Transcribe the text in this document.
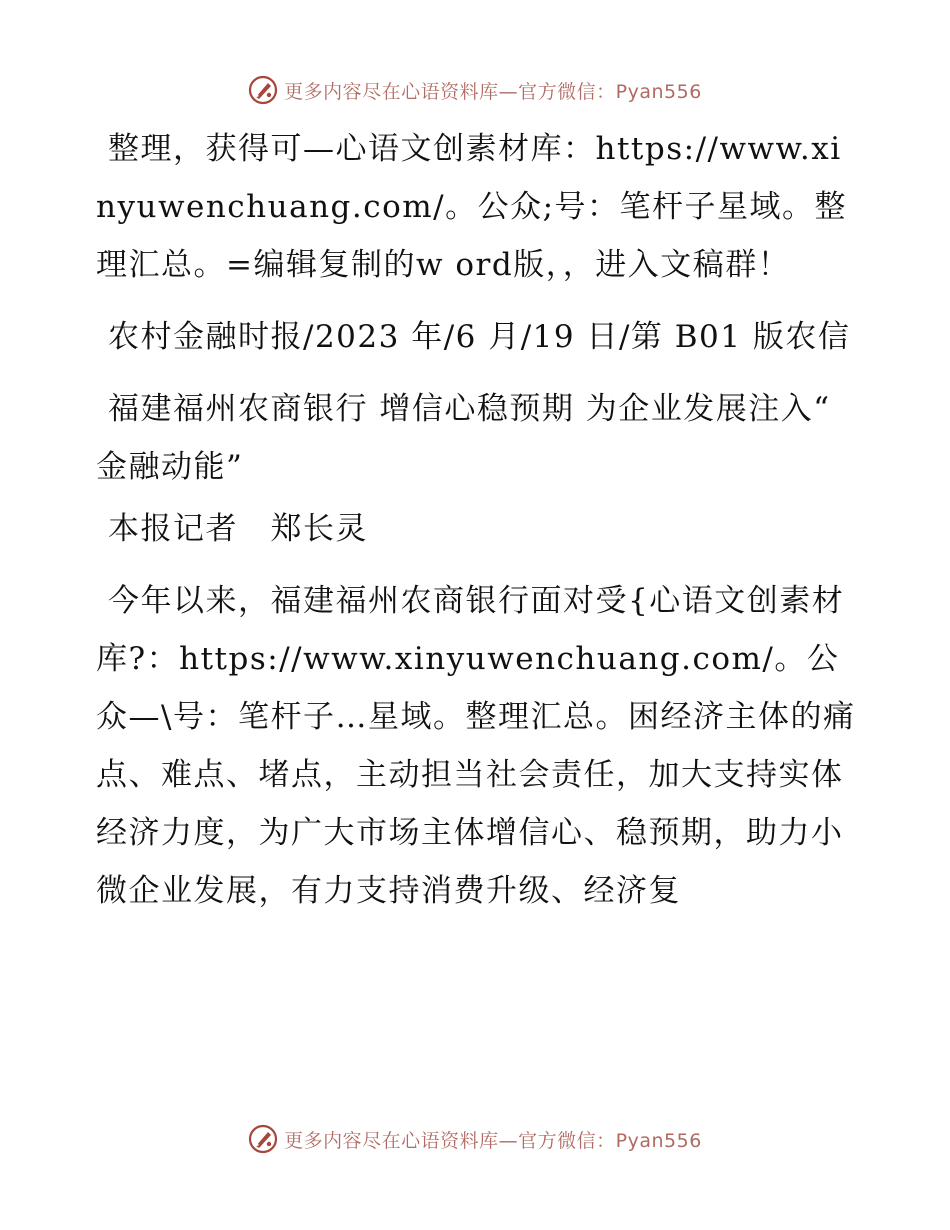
更多内容尽在心语资料库—官方微信：Pyan556

整理，获得可—心语文创素材库：https://www.xinyuwenchuang.com/。公众;号：笔杆子星域。整理汇总。=编辑复制的w ord版，，进入文稿群！

农村金融时报/2023 年/6 月/19 日/第 B01 版农信

福建福州农商银行 增信心稳预期 为企业发展注入“ 金融动能”

本报记者　郑长灵

今年以来，福建福州农商银行面对受{心语文创素材库?：https://www.xinyuwenchuang.com/。公众—\号：笔杆子…星域。整理汇总。困经济主体的痛点、难点、堵点，主动担当社会责任，加大支持实体经济力度，为广大市场主体增信心、稳预期，助力小微企业发展，有力支持消费升级、经济复

更多内容尽在心语资料库—官方微信：Pyan556
